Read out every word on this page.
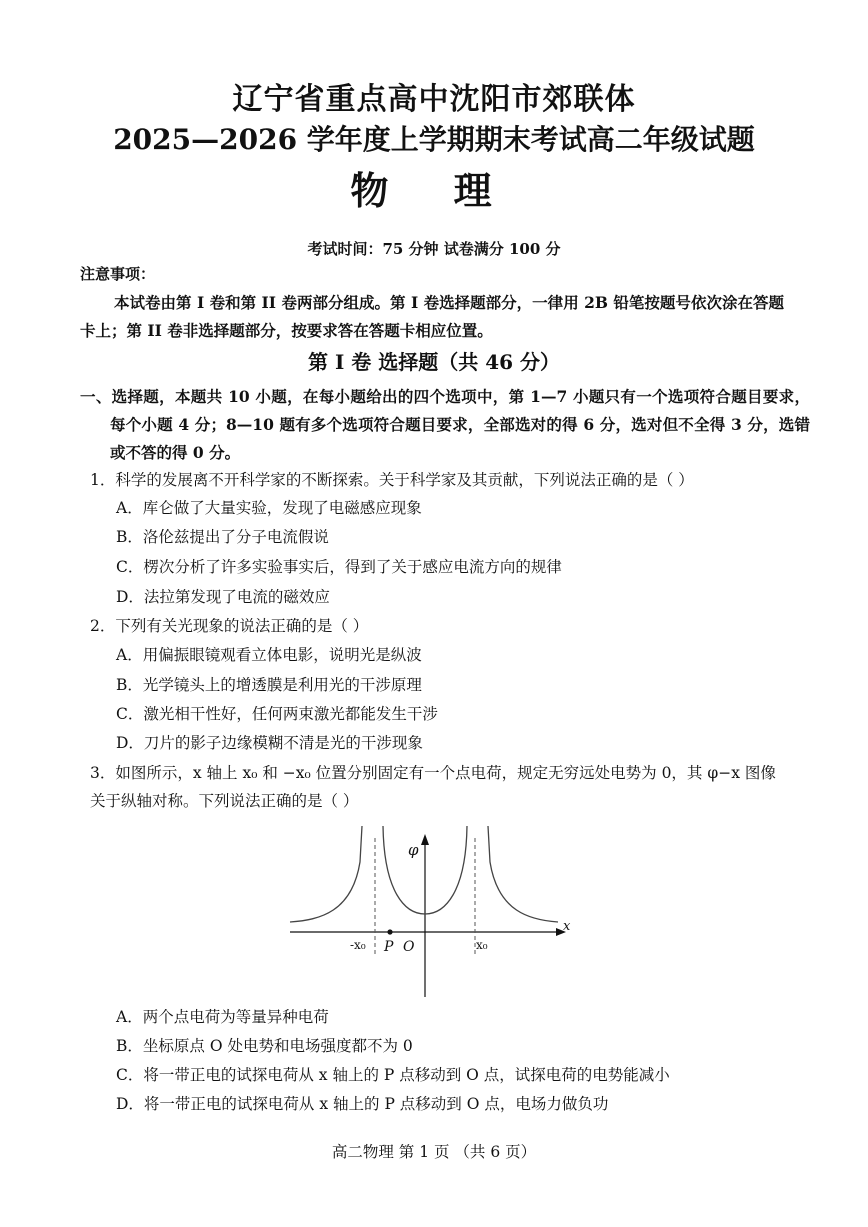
辽宁省重点高中沈阳市郊联体
2025—2026 学年度上学期期末考试高二年级试题
物 理
考试时间：75 分钟 试卷满分 100 分
注意事项：
本试卷由第 I 卷和第 II 卷两部分组成。第 I 卷选择题部分，一律用 2B 铅笔按题号依次涂在答题卡上；第 II 卷非选择题部分，按要求答在答题卡相应位置。
第 I 卷 选择题（共 46 分）
一、选择题，本题共 10 小题，在每小题给出的四个选项中，第 1—7 小题只有一个选项符合题目要求，每个小题 4 分；8—10 题有多个选项符合题目要求，全部选对的得 6 分，选对但不全得 3 分，选错或不答的得 0 分。
1．科学的发展离不开科学家的不断探索。关于科学家及其贡献，下列说法正确的是（ ）
A．库仑做了大量实验，发现了电磁感应现象
B．洛伦兹提出了分子电流假说
C．楞次分析了许多实验事实后，得到了关于感应电流方向的规律
D．法拉第发现了电流的磁效应
2．下列有关光现象的说法正确的是（ ）
A．用偏振眼镜观看立体电影，说明光是纵波
B．光学镜头上的增透膜是利用光的干涉原理
C．激光相干性好，任何两束激光都能发生干涉
D．刀片的影子边缘模糊不清是光的干涉现象
3．如图所示，x 轴上 x₀ 和 −x₀ 位置分别固定有一个点电荷，规定无穷远处电势为 0，其 φ−x 图像关于纵轴对称。下列说法正确的是（ ）
φ
x
-x₀ P O	x₀
A．两个点电荷为等量异种电荷
B．坐标原点 O 处电势和电场强度都不为 0
C．将一带正电的试探电荷从 x 轴上的 P 点移动到 O 点，试探电荷的电势能减小
D．将一带正电的试探电荷从 x 轴上的 P 点移动到 O 点，电场力做负功
高二物理 第 1 页 （共 6 页）
